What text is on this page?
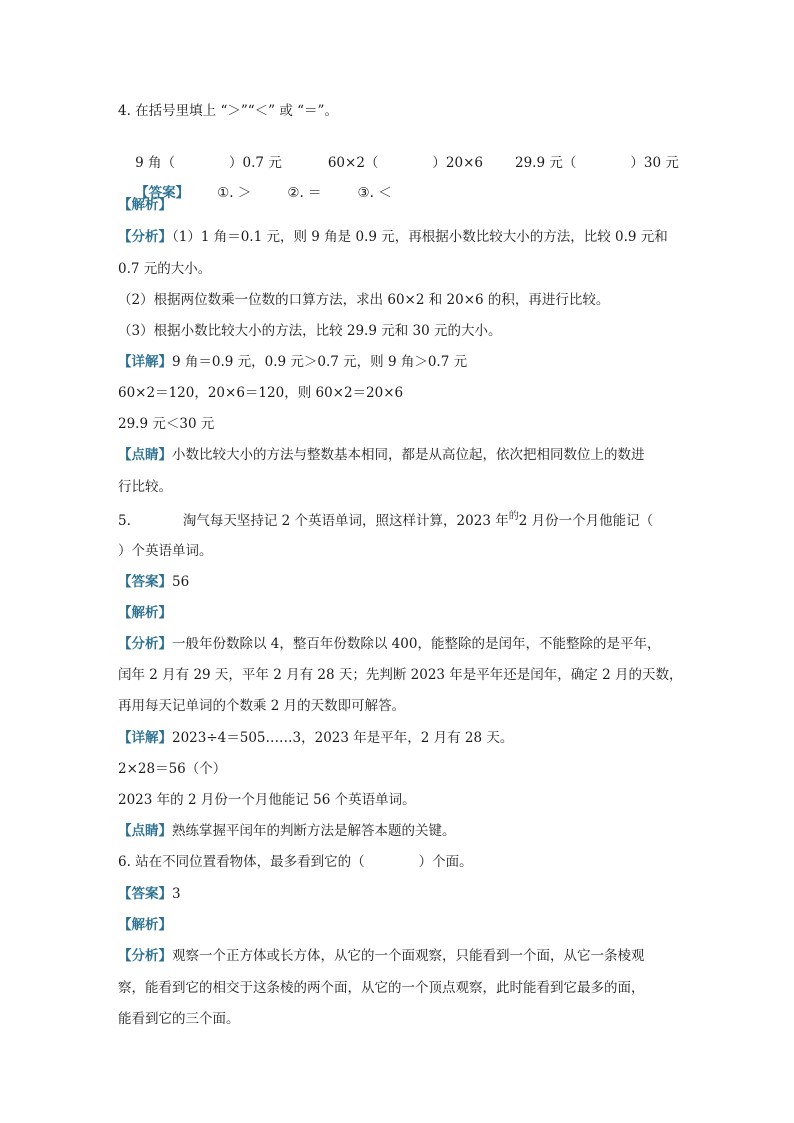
4. 在括号里填上 “＞”“＜” 或 “＝”。

9 角（　　　　）0.7 元	60×2（　　　　）20×6 29.9 元（　　　　）30 元

【答案】 ①. ＞	②. ＝	③. ＜

【解析】
【分析】（1）1 角＝0.1 元，则 9 角是 0.9 元，再根据小数比较大小的方法，比较 0.9 元和
0.7 元的大小。
（2）根据两位数乘一位数的口算方法，求出 60×2 和 20×6 的积，再进行比较。
（3）根据小数比较大小的方法，比较 29.9 元和 30 元的大小。
【详解】9 角＝0.9 元，0.9 元＞0.7 元，则 9 角＞0.7 元
60×2＝120，20×6＝120，则 60×2＝20×6
29.9 元＜30 元
【点睛】小数比较大小的方法与整数基本相同，都是从高位起，依次把相同数位上的数进
行比较。
5.	淘气每天坚持记 2 个英语单词，照这样计算，2023 年$^的$2 月份一个月他能记（
）个英语单词。
【答案】56
【解析】
【分析】一般年份数除以 4，整百年份数除以 400，能整除的是闰年，不能整除的是平年，
闰年 2 月有 29 天，平年 2 月有 28 天；先判断 2023 年是平年还是闰年，确定 2 月的天数，
再用每天记单词的个数乘 2 月的天数即可解答。
【详解】2023÷4＝505……3，2023 年是平年，2 月有 28 天。
2×28＝56（个）
2023 年的 2 月份一个月他能记 56 个英语单词。
【点睛】熟练掌握平闰年的判断方法是解答本题的关键。
6. 站在不同位置看物体，最多看到它的（　　　　）个面。
【答案】3
【解析】
【分析】观察一个正方体或长方体，从它的一个面观察，只能看到一个面，从它一条棱观
察，能看到它的相交于这条棱的两个面，从它的一个顶点观察，此时能看到它最多的面，
能看到它的三个面。
